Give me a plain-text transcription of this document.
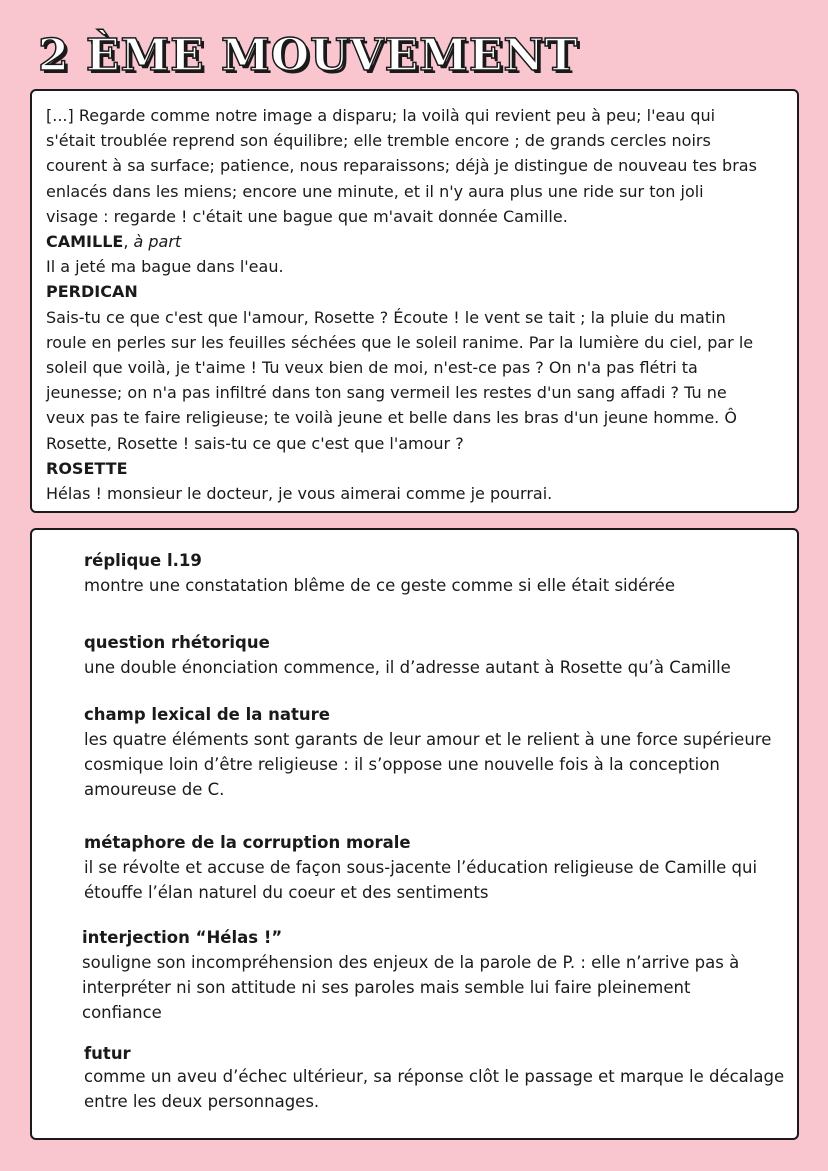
2 ÈME MOUVEMENT
[...] Regarde comme notre image a disparu; la voilà qui revient peu à peu; l'eau qui
s'était troublée reprend son équilibre; elle tremble encore ; de grands cercles noirs
courent à sa surface; patience, nous reparaissons; déjà je distingue de nouveau tes bras
enlacés dans les miens; encore une minute, et il n'y aura plus une ride sur ton joli
visage : regarde ! c'était une bague que m'avait donnée Camille.
CAMILLE, à part
Il a jeté ma bague dans l'eau.
PERDICAN
Sais-tu ce que c'est que l'amour, Rosette ? Écoute ! le vent se tait ; la pluie du matin
roule en perles sur les feuilles séchées que le soleil ranime. Par la lumière du ciel, par le
soleil que voilà, je t'aime ! Tu veux bien de moi, n'est-ce pas ? On n'a pas flétri ta
jeunesse; on n'a pas infiltré dans ton sang vermeil les restes d'un sang affadi ? Tu ne
veux pas te faire religieuse; te voilà jeune et belle dans les bras d'un jeune homme. Ô
Rosette, Rosette ! sais-tu ce que c'est que l'amour ?
ROSETTE
Hélas ! monsieur le docteur, je vous aimerai comme je pourrai.
réplique l.19
montre une constatation blême de ce geste comme si elle était sidérée
question rhétorique
une double énonciation commence, il d’adresse autant à Rosette qu’à Camille
champ lexical de la nature
les quatre éléments sont garants de leur amour et le relient à une force supérieure
cosmique loin d’être religieuse : il s’oppose une nouvelle fois à la conception
amoureuse de C.
métaphore de la corruption morale
il se révolte et accuse de façon sous-jacente l’éducation religieuse de Camille qui
étouffe l’élan naturel du coeur et des sentiments
interjection “Hélas !”
souligne son incompréhension des enjeux de la parole de P. : elle n’arrive pas à
interpréter ni son attitude ni ses paroles mais semble lui faire pleinement
confiance
futur
comme un aveu d’échec ultérieur, sa réponse clôt le passage et marque le décalage
entre les deux personnages.
